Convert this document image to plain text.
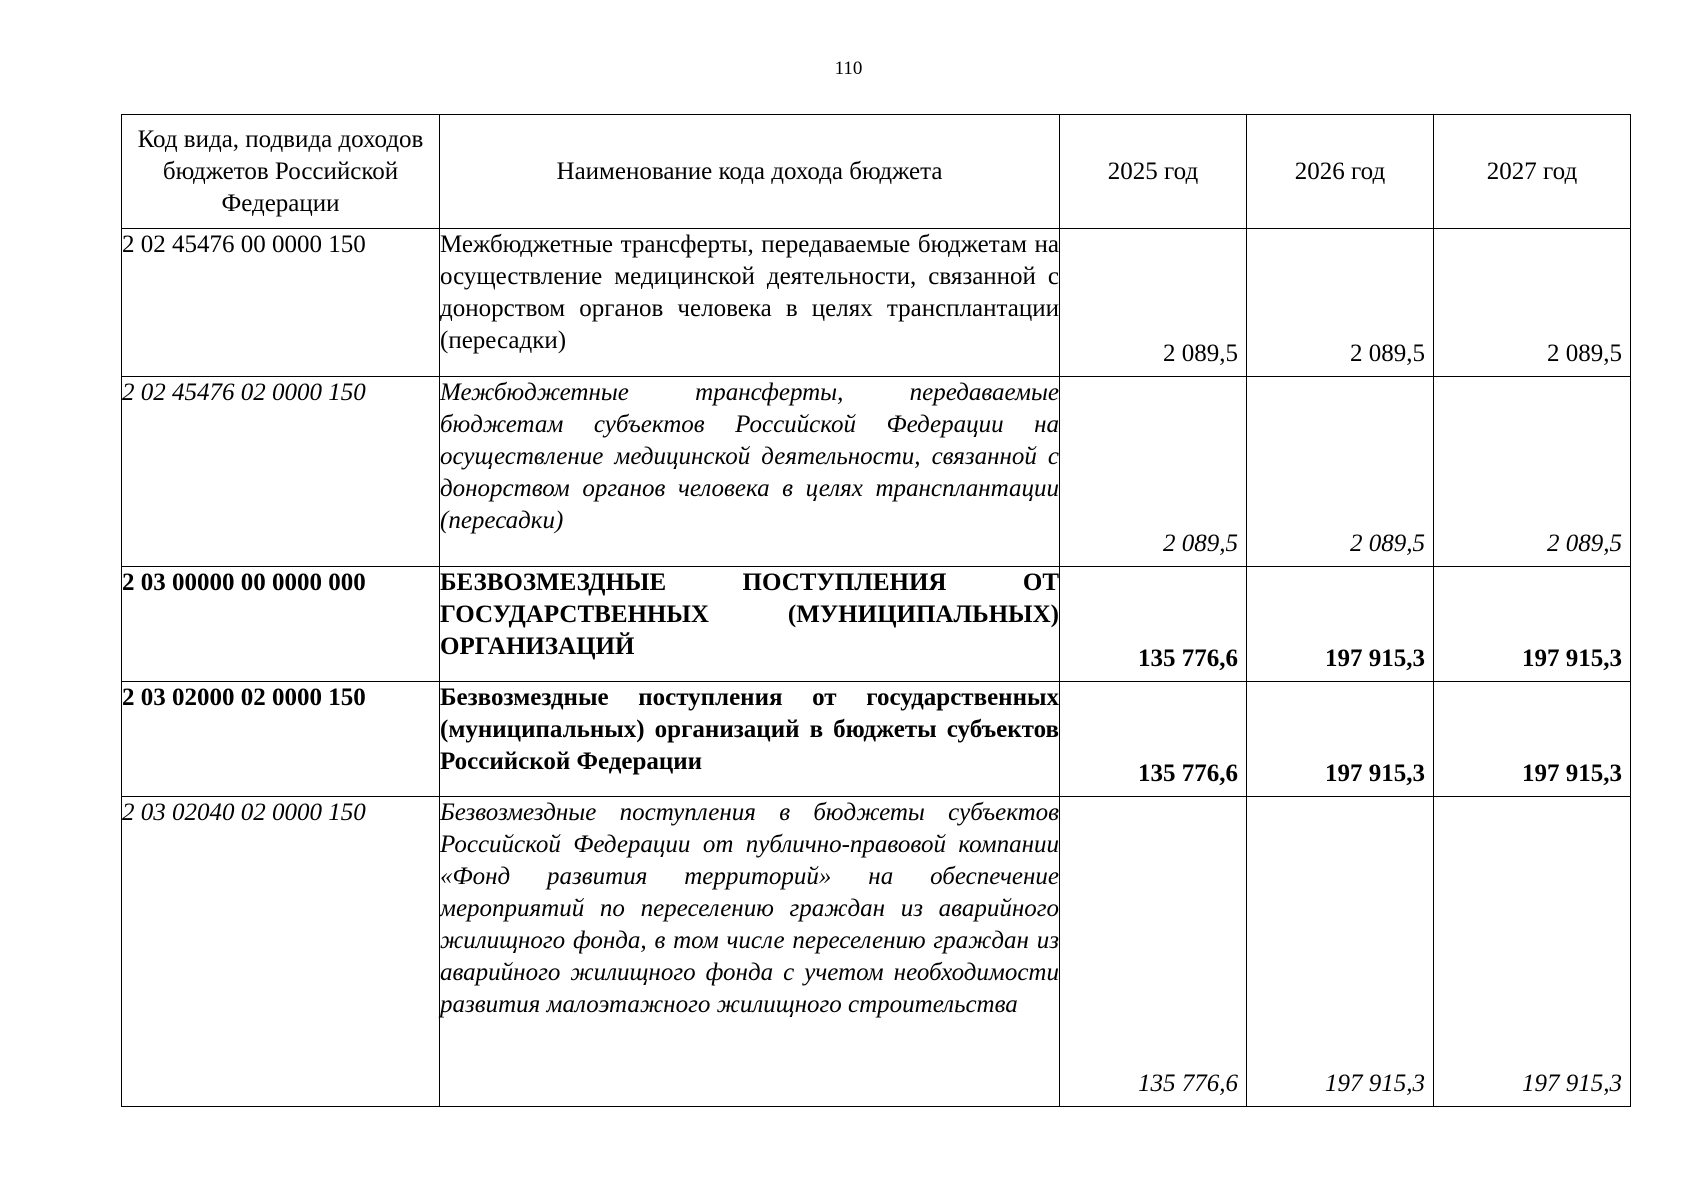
110
Код вида, подвида доходов бюджетов Российской Федерации	Наименование кода дохода бюджета	2025 год	2026 год	2027 год
2 02 45476 00 0000 150	Межбюджетные трансферты, передаваемые бюджетам на осуществление медицинской деятельности, связанной с донорством органов человека в целях трансплантации (пересадки)	2 089,5	2 089,5	2 089,5
2 02 45476 02 0000 150	Межбюджетные трансферты, передаваемые бюджетам субъектов Российской Федерации на осуществление медицинской деятельности, связанной с донорством органов человека в целях трансплантации (пересадки)	2 089,5	2 089,5	2 089,5
2 03 00000 00 0000 000	БЕЗВОЗМЕЗДНЫЕ ПОСТУПЛЕНИЯ ОТ ГОСУДАРСТВЕННЫХ (МУНИЦИПАЛЬНЫХ) ОРГАНИЗАЦИЙ	135 776,6	197 915,3	197 915,3
2 03 02000 02 0000 150	Безвозмездные поступления от государственных (муниципальных) организаций в бюджеты субъектов Российской Федерации	135 776,6	197 915,3	197 915,3
2 03 02040 02 0000 150	Безвозмездные поступления в бюджеты субъектов Российской Федерации от публично-правовой компании «Фонд развития территорий» на обеспечение мероприятий по переселению граждан из аварийного жилищного фонда, в том числе переселению граждан из аварийного жилищного фонда с учетом необходимости развития малоэтажного жилищного строительства	135 776,6	197 915,3	197 915,3
